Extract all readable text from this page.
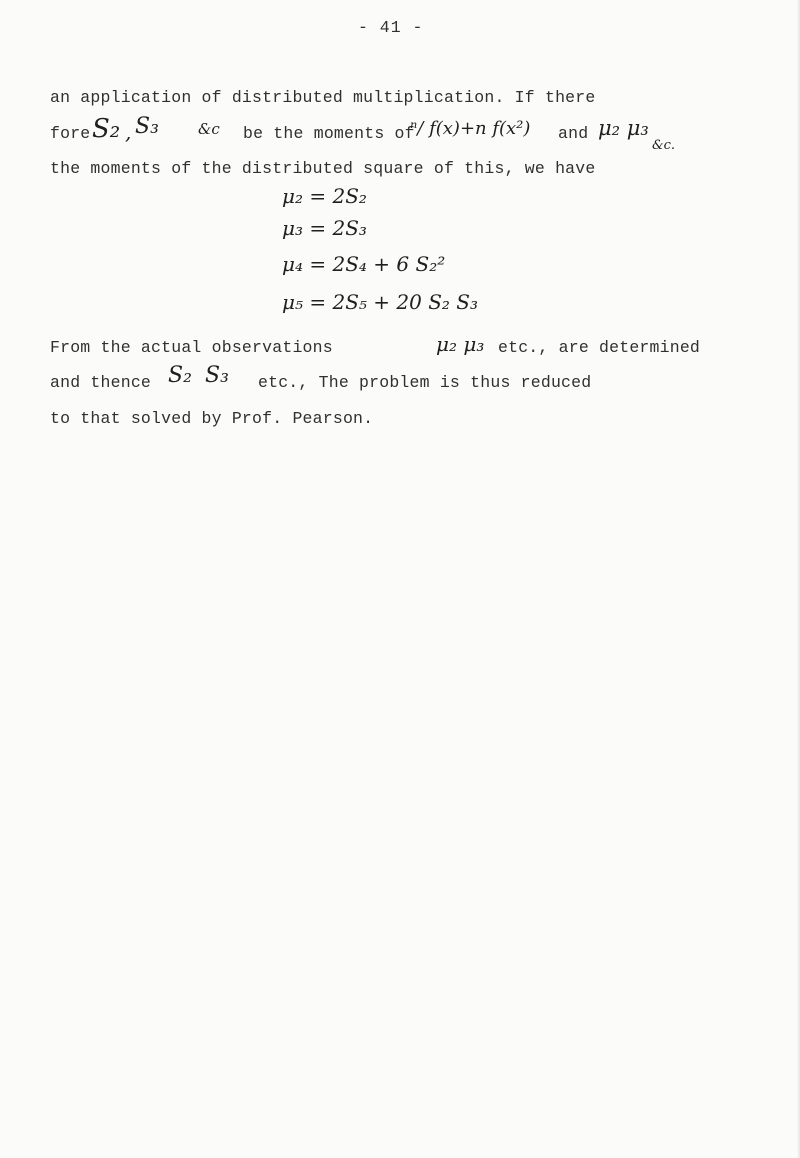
- 41 -
an application of distributed multiplication. If there
fore S₂ , S₃	&c be the moments of
ⁿ/ f(x)+n f(x²) and μ₂ μ₃
&c.
the moments of the distributed square of this, we have
μ₂ = 2S₂
μ₃ = 2S₃
μ₄ = 2S₄ + 6 S₂²
μ₅ = 2S₅ + 20 S₂ S₃
From the actual observations	μ₂ μ₃ etc., are determined
and thence S₂ S₃ etc., The problem is thus reduced
to that solved by Prof. Pearson.
